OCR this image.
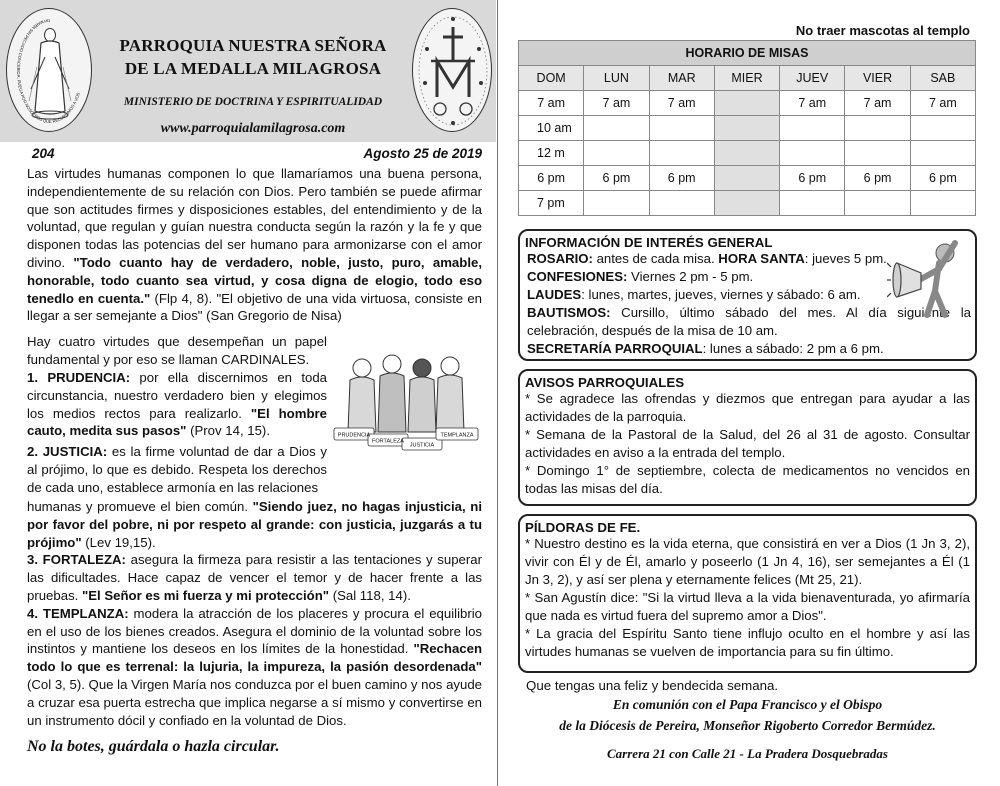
OH MARÍA SIN PECADO CONCEBIDA, RUEGA POR NOSOTROS QUE RECURRIMOS A VOS
PARROQUIA NUESTRA SEÑORA
DE LA MEDALLA MILAGROSA
MINISTERIO DE DOCTRINA Y ESPIRITUALIDAD
www.parroquialamilagrosa.com
204	Agosto 25 de 2019
Las virtudes humanas componen lo que llamaríamos una buena persona, independientemente de su relación con Dios. Pero también se puede afirmar que son actitudes firmes y disposiciones estables, del entendimiento y de la voluntad, que regulan y guían nuestra conducta según la razón y la fe y que disponen todas las potencias del ser humano para armonizarse con el amor divino. "Todo cuanto hay de verdadero, noble, justo, puro, amable, honorable, todo cuanto sea virtud, y cosa digna de elogio, todo eso tenedlo en cuenta." (Flp 4, 8). "El objetivo de una vida virtuosa, consiste en llegar a ser semejante a Dios" (San Gregorio de Nisa)
Hay cuatro virtudes que desempeñan un papel fundamental y por eso se llaman CARDINALES.
1. PRUDENCIA: por ella discernimos en toda circunstancia, nuestro verdadero bien y elegimos los medios rectos para realizarlo. "El hombre cauto, medita sus pasos" (Prov 14, 15).
2. JUSTICIA: es la firme voluntad de dar a Dios y al prójimo, lo que es debido. Respeta los derechos de cada uno, establece armonía en las relaciones
humanas y promueve el bien común. "Siendo juez, no hagas injusticia, ni por favor del pobre, ni por respeto al grande: con justicia, juzgarás a tu prójimo" (Lev 19,15).
3. FORTALEZA: asegura la firmeza para resistir a las tentaciones y superar las dificultades. Hace capaz de vencer el temor y de hacer frente a las pruebas. "El Señor es mi fuerza y mi protección" (Sal 118, 14).
4. TEMPLANZA: modera la atracción de los placeres y procura el equilibrio en el uso de los bienes creados. Asegura el dominio de la voluntad sobre los instintos y mantiene los deseos en los límites de la honestidad. "Rechacen todo lo que es terrenal: la lujuria, la impureza, la pasión desordenada" (Col 3, 5). Que la Virgen María nos conduzca por el buen camino y nos ayude a cruzar esa puerta estrecha que implica negarse a sí mismo y convertirse en un instrumento dócil y confiado en la voluntad de Dios.
PRUDENCIA
FORTALEZA
JUSTICIA
TEMPLANZA
No la botes, guárdala o hazla circular.
No traer mascotas al templo
HORARIO DE MISAS						
DOM	LUN	MAR	MIER	JUEV	VIER	SAB
7 am	7 am	7 am		7 am	7 am	7 am
10 am						
12 m						
6 pm	6 pm	6 pm		6 pm	6 pm	6 pm
7 pm						
INFORMACIÓN DE INTERÉS GENERAL
ROSARIO: antes de cada misa. HORA SANTA: jueves 5 pm.
CONFESIONES: Viernes 2 pm - 5 pm.
LAUDES: lunes, martes, jueves, viernes y sábado: 6 am.
BAUTISMOS: Cursillo, último sábado del mes. Al día siguiente la celebración, después de la misa de 10 am.
SECRETARÍA PARROQUIAL: lunes a sábado: 2 pm a 6 pm.
AVISOS PARROQUIALES
* Se agradece las ofrendas y diezmos que entregan para ayudar a las actividades de la parroquia.
* Semana de la Pastoral de la Salud, del 26 al 31 de agosto. Consultar actividades en aviso a la entrada del templo.
* Domingo 1° de septiembre, colecta de medicamentos no vencidos en todas las misas del día.
PÍLDORAS DE FE.
* Nuestro destino es la vida eterna, que consistirá en ver a Dios (1 Jn 3, 2), vivir con Él y de Él, amarlo y poseerlo (1 Jn 4, 16), ser semejantes a Él (1 Jn 3, 2), y así ser plena y eternamente felices (Mt 25, 21).
* San Agustín dice: "Si la virtud lleva a la vida bienaventurada, yo afirmaría que nada es virtud fuera del supremo amor a Dios".
* La gracia del Espíritu Santo tiene influjo oculto en el hombre y así las virtudes humanas se vuelven de importancia para su fin último.
Que tengas una feliz y bendecida semana.
En comunión con el Papa Francisco y el Obispo
de la Diócesis de Pereira, Monseñor Rigoberto Corredor Bermúdez.
Carrera 21 con Calle 21 - La Pradera Dosquebradas
